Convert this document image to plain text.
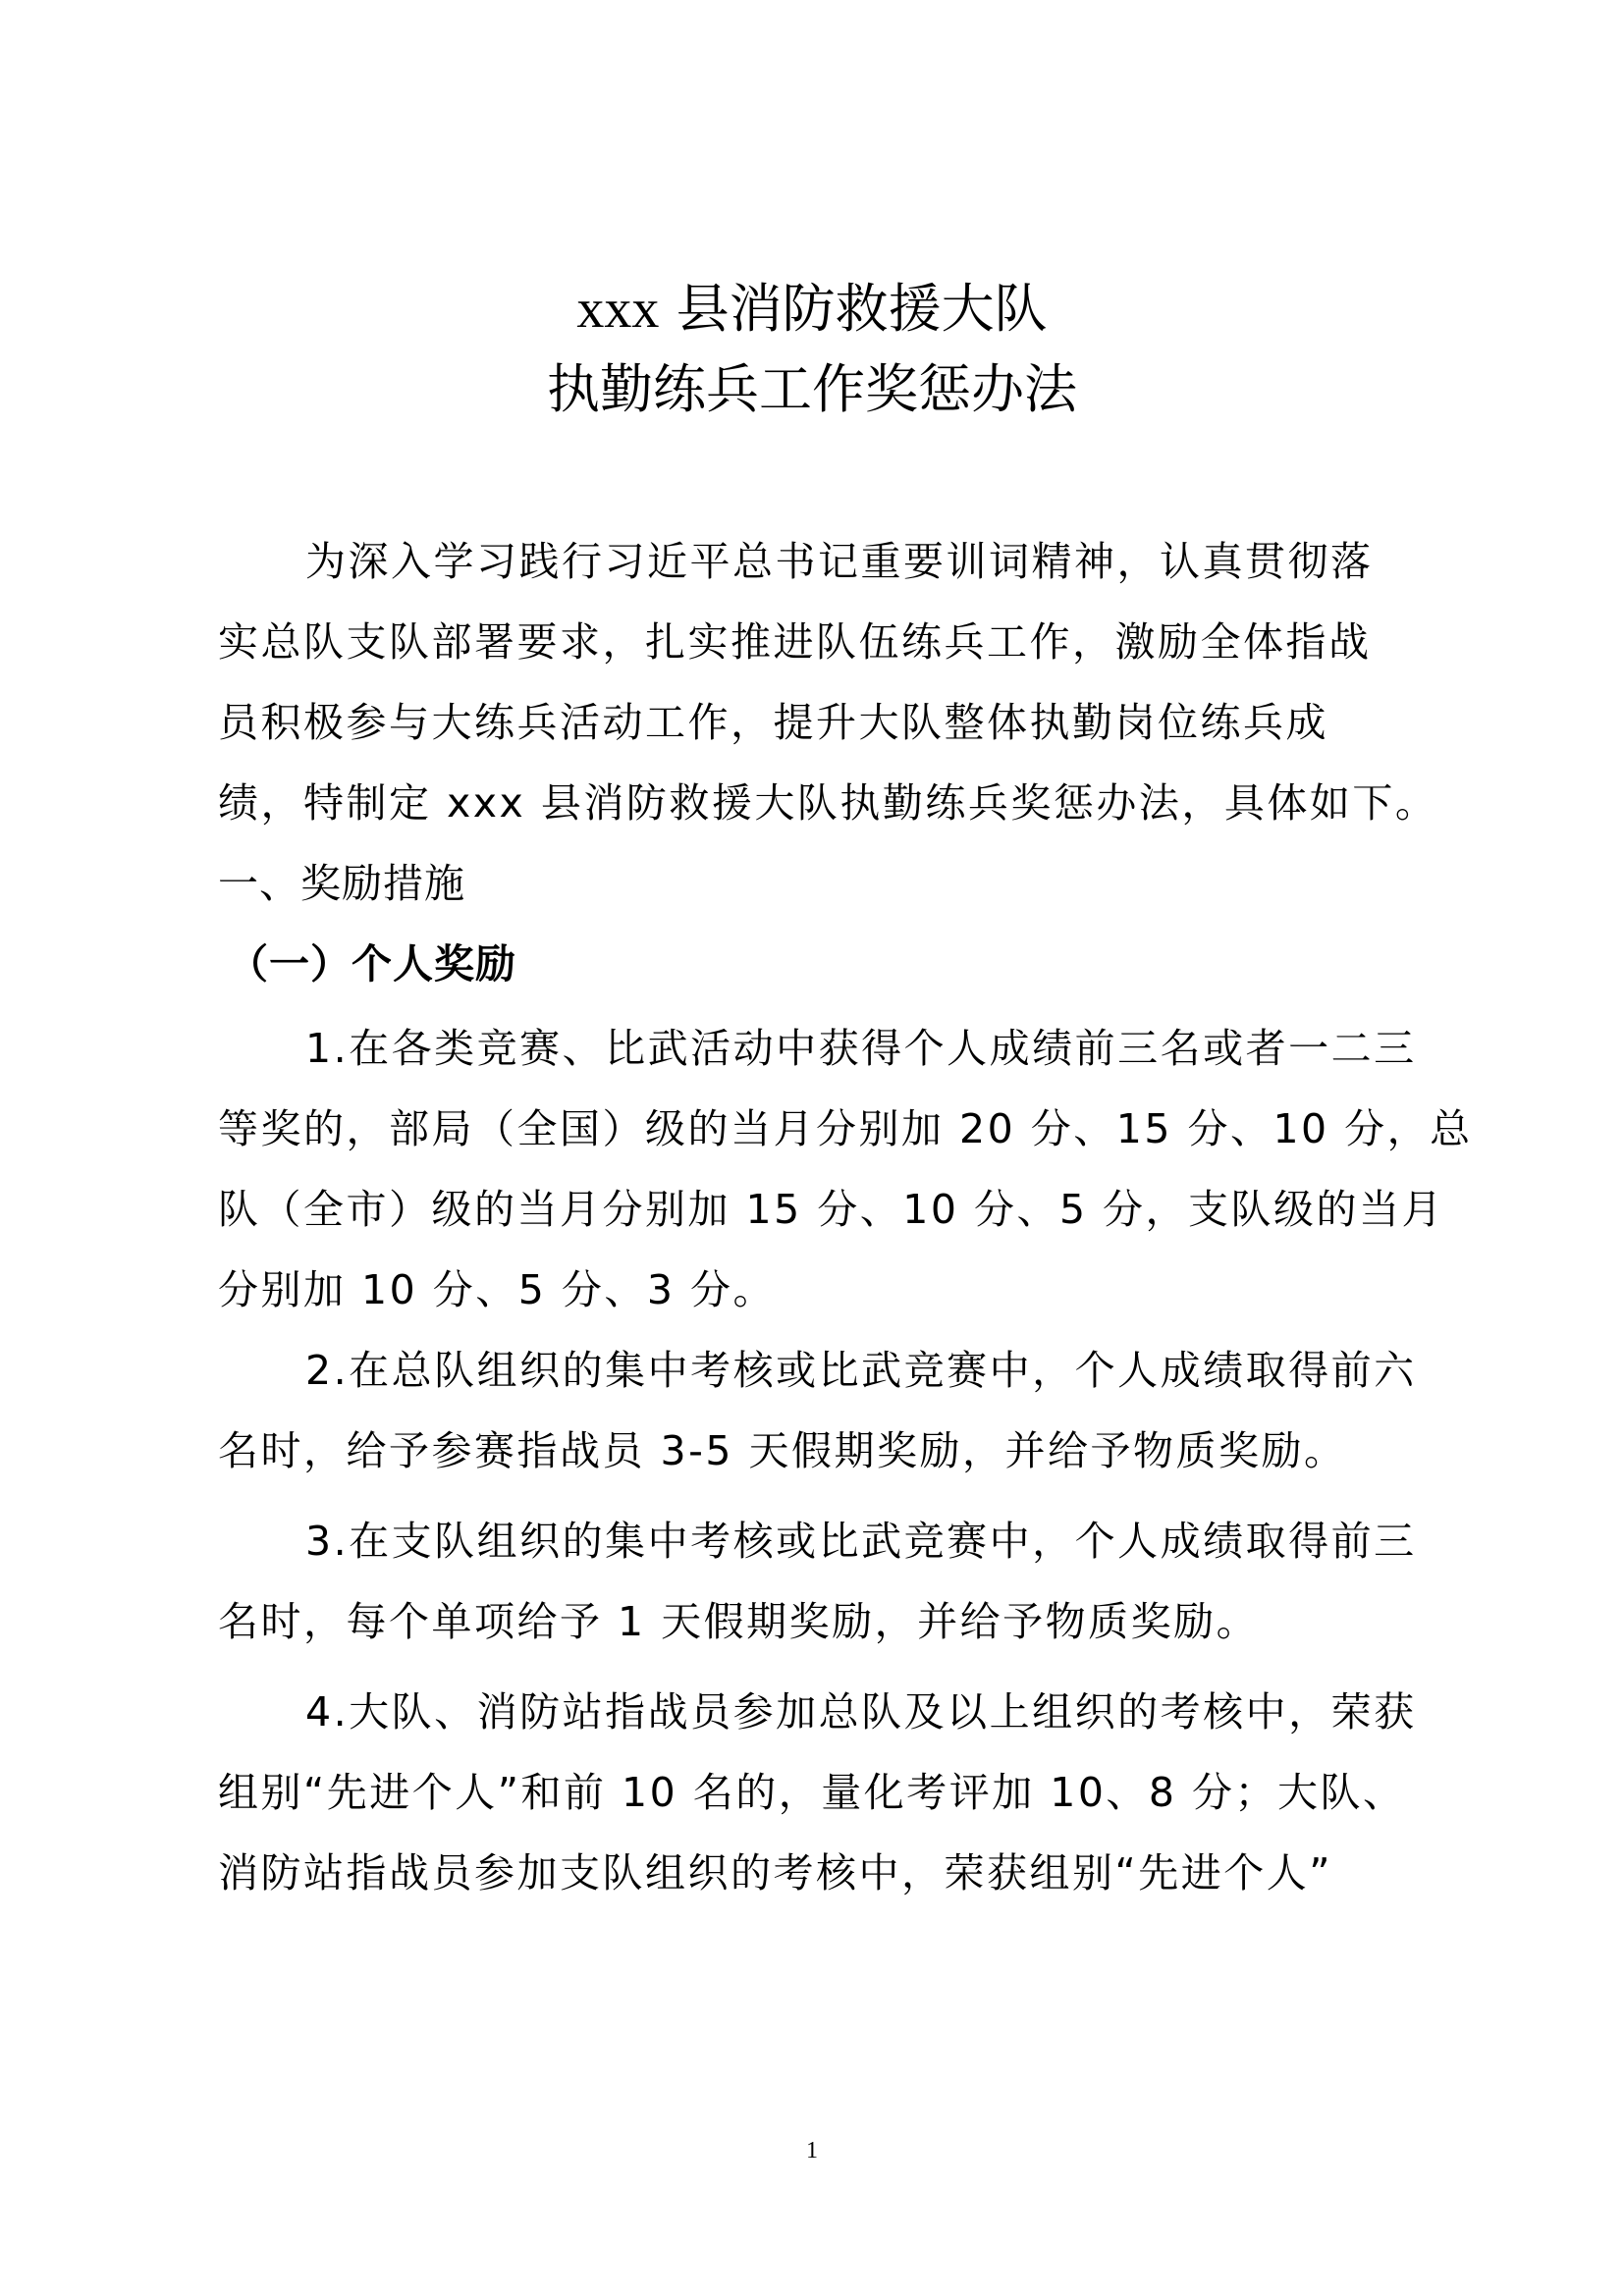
xxx 县消防救援大队
执勤练兵工作奖惩办法
为深入学习践行习近平总书记重要训词精神，认真贯彻落
实总队支队部署要求，扎实推进队伍练兵工作，激励全体指战
员积极参与大练兵活动工作，提升大队整体执勤岗位练兵成
绩，特制定 xxx 县消防救援大队执勤练兵奖惩办法，具体如下。
一、奖励措施
（一）个人奖励
1.在各类竞赛、比武活动中获得个人成绩前三名或者一二三
等奖的，部局（全国）级的当月分别加 20 分、15 分、10 分，总
队（全市）级的当月分别加 15 分、10 分、5 分，支队级的当月
分别加 10 分、5 分、3 分。
2.在总队组织的集中考核或比武竞赛中，个人成绩取得前六
名时，给予参赛指战员 3-5 天假期奖励，并给予物质奖励。
3.在支队组织的集中考核或比武竞赛中，个人成绩取得前三
名时，每个单项给予 1 天假期奖励，并给予物质奖励。
4.大队、消防站指战员参加总队及以上组织的考核中，荣获
组别“先进个人”和前 10 名的，量化考评加 10、8 分；大队、
消防站指战员参加支队组织的考核中，荣获组别“先进个人”
1
